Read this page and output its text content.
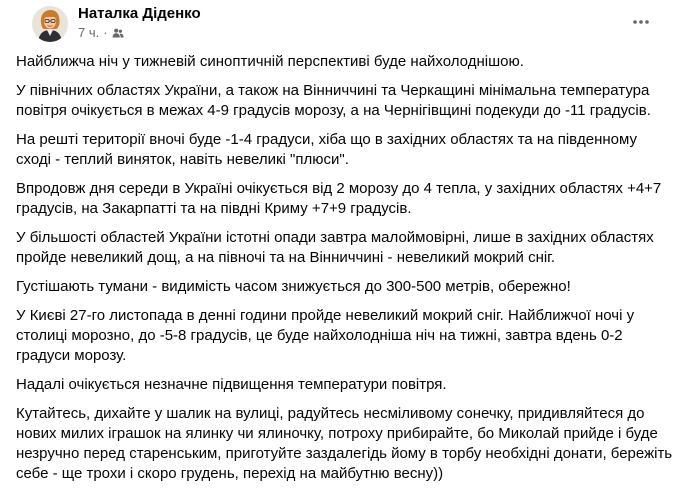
Наталка Діденко
7 ч. ·

Найближча ніч у тижневій синоптичній перспективі буде найхолоднішою.

У північних областях України, а також на Вінниччині та Черкащині мінімальна температура повітря очікується в межах 4-9 градусів морозу, а на Чернігівщині подекуди до -11 градусів.

На решті території вночі буде -1-4 градуси, хіба що в західних областях та на південному сході - теплий виняток, навіть невеликі "плюси".

Впродовж дня середи в Україні очікується від 2 морозу до 4 тепла, у західних областях +4+7 градусів, на Закарпатті та на півдні Криму +7+9 градусів.

У більшості областей України істотні опади завтра малоймовірні, лише в західних областях пройде невеликий дощ, а на півночі та на Вінниччині - невеликий мокрий сніг.

Густішають тумани - видимість часом знижується до 300-500 метрів, обережно!

У Києві 27-го листопада в денні години пройде невеликий мокрий сніг. Найближчої ночі у столиці морозно, до -5-8 градусів, це буде найхолодніша ніч на тижні, завтра вдень 0-2 градуси морозу.

Надалі очікується незначне підвищення температури повітря.

Кутайтесь, дихайте у шалик на вулиці, радуйтесь несміливому сонечку, придивляйтеся до нових милих іграшок на ялинку чи ялиночку, потроху прибирайте, бо Миколай прийде і буде незручно перед старенським, приготуйте заздалегідь йому в торбу необхідні донати, бережіть себе - ще трохи і скоро грудень, перехід на майбутню весну))
